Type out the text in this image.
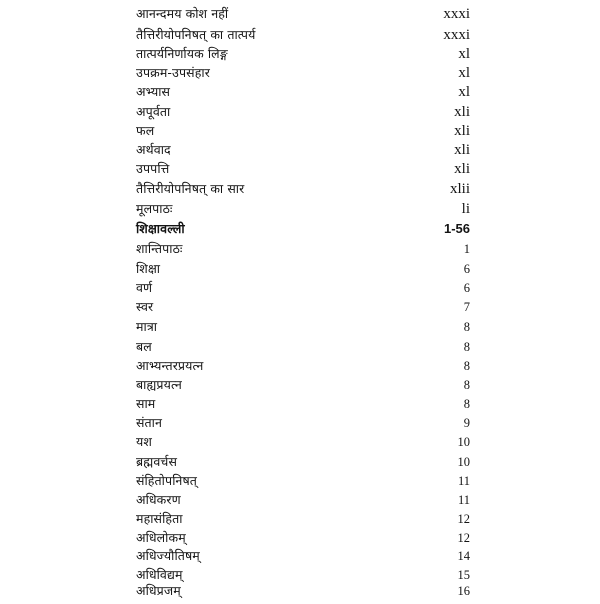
आनन्दमय कोश नहीं	xxxi
तैत्तिरीयोपनिषत् का तात्पर्य	xxxi
तात्पर्यनिर्णायक लिङ्ग	xl
उपक्रम-उपसंहार	xl
अभ्यास	xl
अपूर्वता	xli
फल	xli
अर्थवाद	xli
उपपत्ति	xli
तैत्तिरीयोपनिषत् का सार	xlii
मूलपाठः	li
शिक्षावल्ली	1-56
शान्तिपाठः	1
शिक्षा	6
वर्ण	6
स्वर	7
मात्रा	8
बल	8
आभ्यन्तरप्रयत्न	8
बाह्यप्रयत्न	8
साम	8
संतान	9
यश	10
ब्रह्मवर्चस	10
संहितोपनिषत्	11
अधिकरण	11
महासंहिता	12
अधिलोकम्	12
अधिज्यौतिषम्	14
अधिविद्यम्	15
अधिप्रजम्	16
